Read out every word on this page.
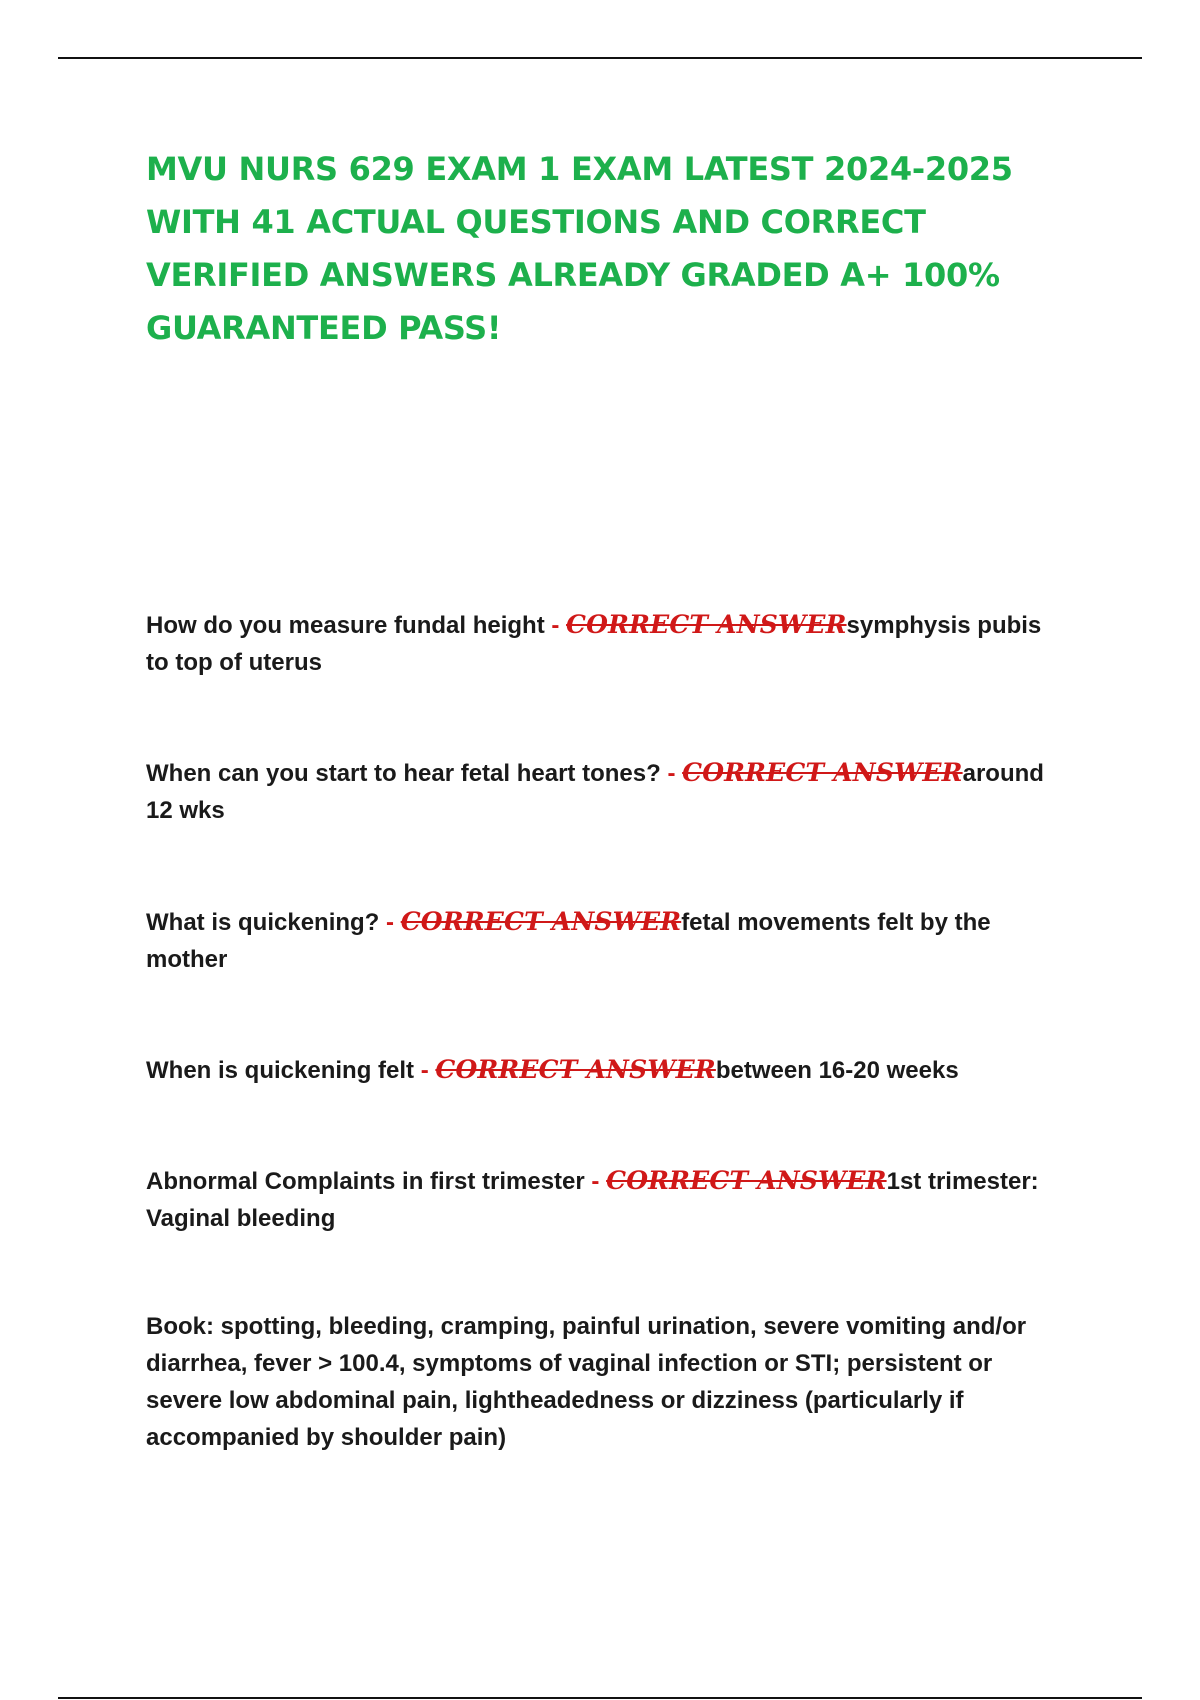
MVU NURS 629 EXAM 1 EXAM LATEST 2024-2025 WITH 41 ACTUAL QUESTIONS AND CORRECT VERIFIED ANSWERS ALREADY GRADED A+ 100% GUARANTEED PASS!

How do you measure fundal height - CORRECT ANSWERsymphysis pubis to top of uterus

When can you start to hear fetal heart tones? - CORRECT ANSWERaround 12 wks

What is quickening? - CORRECT ANSWERfetal movements felt by the mother

When is quickening felt - CORRECT ANSWERbetween 16-20 weeks

Abnormal Complaints in first trimester - CORRECT ANSWER1st trimester: Vaginal bleeding

Book: spotting, bleeding, cramping, painful urination, severe vomiting and/or diarrhea, fever > 100.4, symptoms of vaginal infection or STI; persistent or severe low abdominal pain, lightheadedness or dizziness (particularly if accompanied by shoulder pain)
